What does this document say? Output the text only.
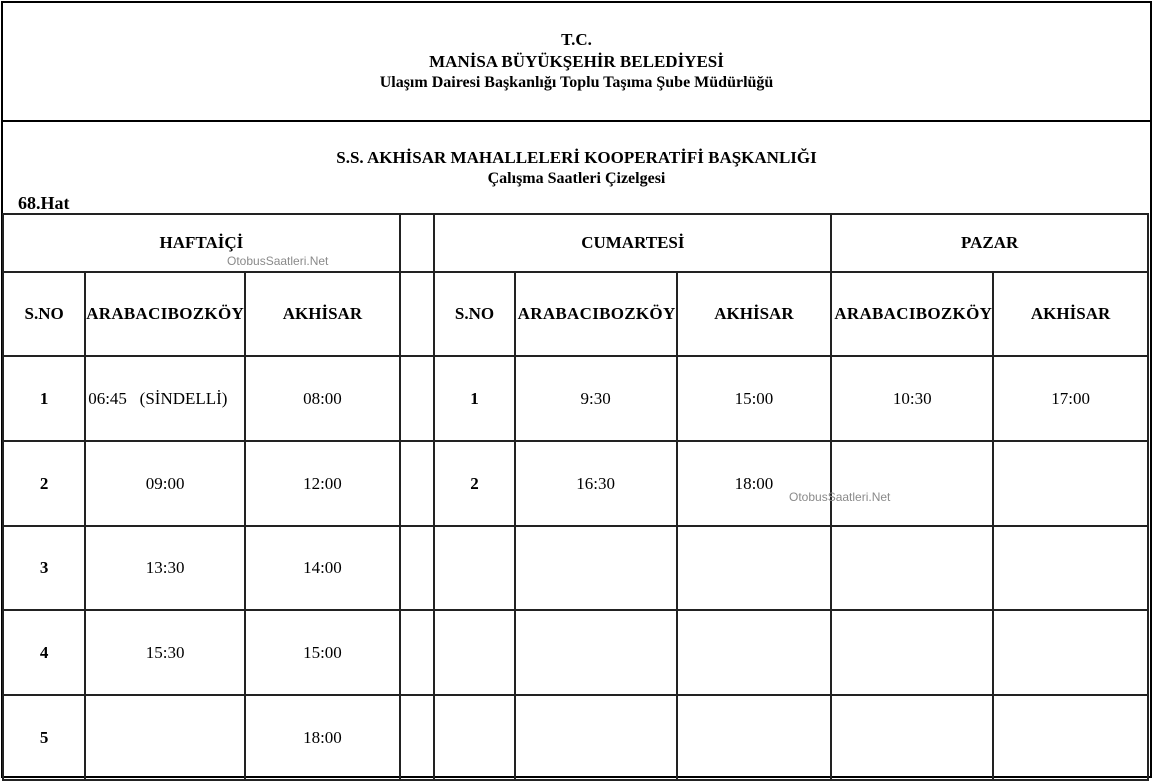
T.C.
MANİSA BÜYÜKŞEHİR BELEDİYESİ
Ulaşım Dairesi Başkanlığı Toplu Taşıma Şube Müdürlüğü
S.S. AKHİSAR MAHALLELERİ KOOPERATİFİ BAŞKANLIĞI
Çalışma Saatleri Çizelgesi
68.Hat
HAFTAİÇİ				CUMARTESİ			PAZAR	
S.NO	ARABACIBOZKÖY	AKHİSAR		S.NO	ARABACIBOZKÖY	AKHİSAR	ARABACIBOZKÖY	AKHİSAR
1	06:45   (SİNDELLİ)	08:00		1	9:30	15:00	10:30	17:00
2	09:00	12:00		2	16:30	18:00		
3	13:30	14:00						
4	15:30	15:00						
5		18:00						
OtobusSaatleri.Net
OtobusSaatleri.Net
